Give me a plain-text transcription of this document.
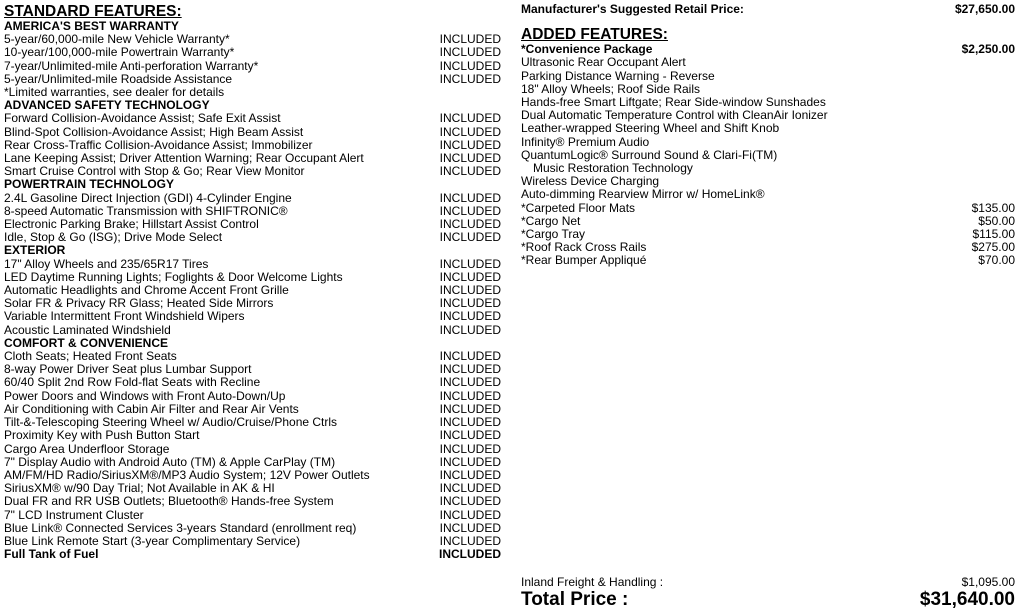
STANDARD FEATURES:
AMERICA'S BEST WARRANTY
5-year/60,000-mile New Vehicle Warranty*	INCLUDED
10-year/100,000-mile Powertrain Warranty*	INCLUDED
7-year/Unlimited-mile Anti-perforation Warranty*	INCLUDED
5-year/Unlimited-mile Roadside Assistance	INCLUDED
*Limited warranties, see dealer for details
ADVANCED SAFETY TECHNOLOGY
Forward Collision-Avoidance Assist; Safe Exit Assist	INCLUDED
Blind-Spot Collision-Avoidance Assist; High Beam Assist	INCLUDED
Rear Cross-Traffic Collision-Avoidance Assist; Immobilizer	INCLUDED
Lane Keeping Assist; Driver Attention Warning; Rear Occupant Alert	INCLUDED
Smart Cruise Control with Stop & Go; Rear View Monitor	INCLUDED
POWERTRAIN TECHNOLOGY
2.4L Gasoline Direct Injection (GDI) 4-Cylinder Engine	INCLUDED
8-speed Automatic Transmission with SHIFTRONIC®	INCLUDED
Electronic Parking Brake; Hillstart Assist Control	INCLUDED
Idle, Stop & Go (ISG); Drive Mode Select	INCLUDED
EXTERIOR
17" Alloy Wheels and 235/65R17 Tires	INCLUDED
LED Daytime Running Lights; Foglights & Door Welcome Lights	INCLUDED
Automatic Headlights and Chrome Accent Front Grille	INCLUDED
Solar FR & Privacy RR Glass; Heated Side Mirrors	INCLUDED
Variable Intermittent Front Windshield Wipers	INCLUDED
Acoustic Laminated Windshield	INCLUDED
COMFORT & CONVENIENCE
Cloth Seats; Heated Front Seats	INCLUDED
8-way Power Driver Seat plus Lumbar Support	INCLUDED
60/40 Split 2nd Row Fold-flat Seats with Recline	INCLUDED
Power Doors and Windows with Front Auto-Down/Up	INCLUDED
Air Conditioning with Cabin Air Filter and Rear Air Vents	INCLUDED
Tilt-&-Telescoping Steering Wheel w/ Audio/Cruise/Phone Ctrls	INCLUDED
Proximity Key with Push Button Start	INCLUDED
Cargo Area Underfloor Storage	INCLUDED
7" Display Audio with Android Auto (TM) & Apple CarPlay (TM)	INCLUDED
AM/FM/HD Radio/SiriusXM®/MP3 Audio System; 12V Power Outlets	INCLUDED
SiriusXM® w/90 Day Trial; Not Available in AK & HI	INCLUDED
Dual FR and RR USB Outlets; Bluetooth® Hands-free System	INCLUDED
7" LCD Instrument Cluster	INCLUDED
Blue Link® Connected Services 3-years Standard (enrollment req)	INCLUDED
Blue Link Remote Start (3-year Complimentary Service)	INCLUDED
Full Tank of Fuel	INCLUDED
Manufacturer's Suggested Retail Price:	$27,650.00
ADDED FEATURES:
*Convenience Package	$2,250.00
Ultrasonic Rear Occupant Alert
Parking Distance Warning - Reverse
18" Alloy Wheels; Roof Side Rails
Hands-free Smart Liftgate; Rear Side-window Sunshades
Dual Automatic Temperature Control with CleanAir Ionizer
Leather-wrapped Steering Wheel and Shift Knob
Infinity® Premium Audio
QuantumLogic® Surround Sound & Clari-Fi(TM)
Music Restoration Technology
Wireless Device Charging
Auto-dimming Rearview Mirror w/ HomeLink®
*Carpeted Floor Mats	$135.00
*Cargo Net	$50.00
*Cargo Tray	$115.00
*Roof Rack Cross Rails	$275.00
*Rear Bumper Appliqué	$70.00
Inland Freight & Handling :	$1,095.00
Total Price :	$31,640.00
